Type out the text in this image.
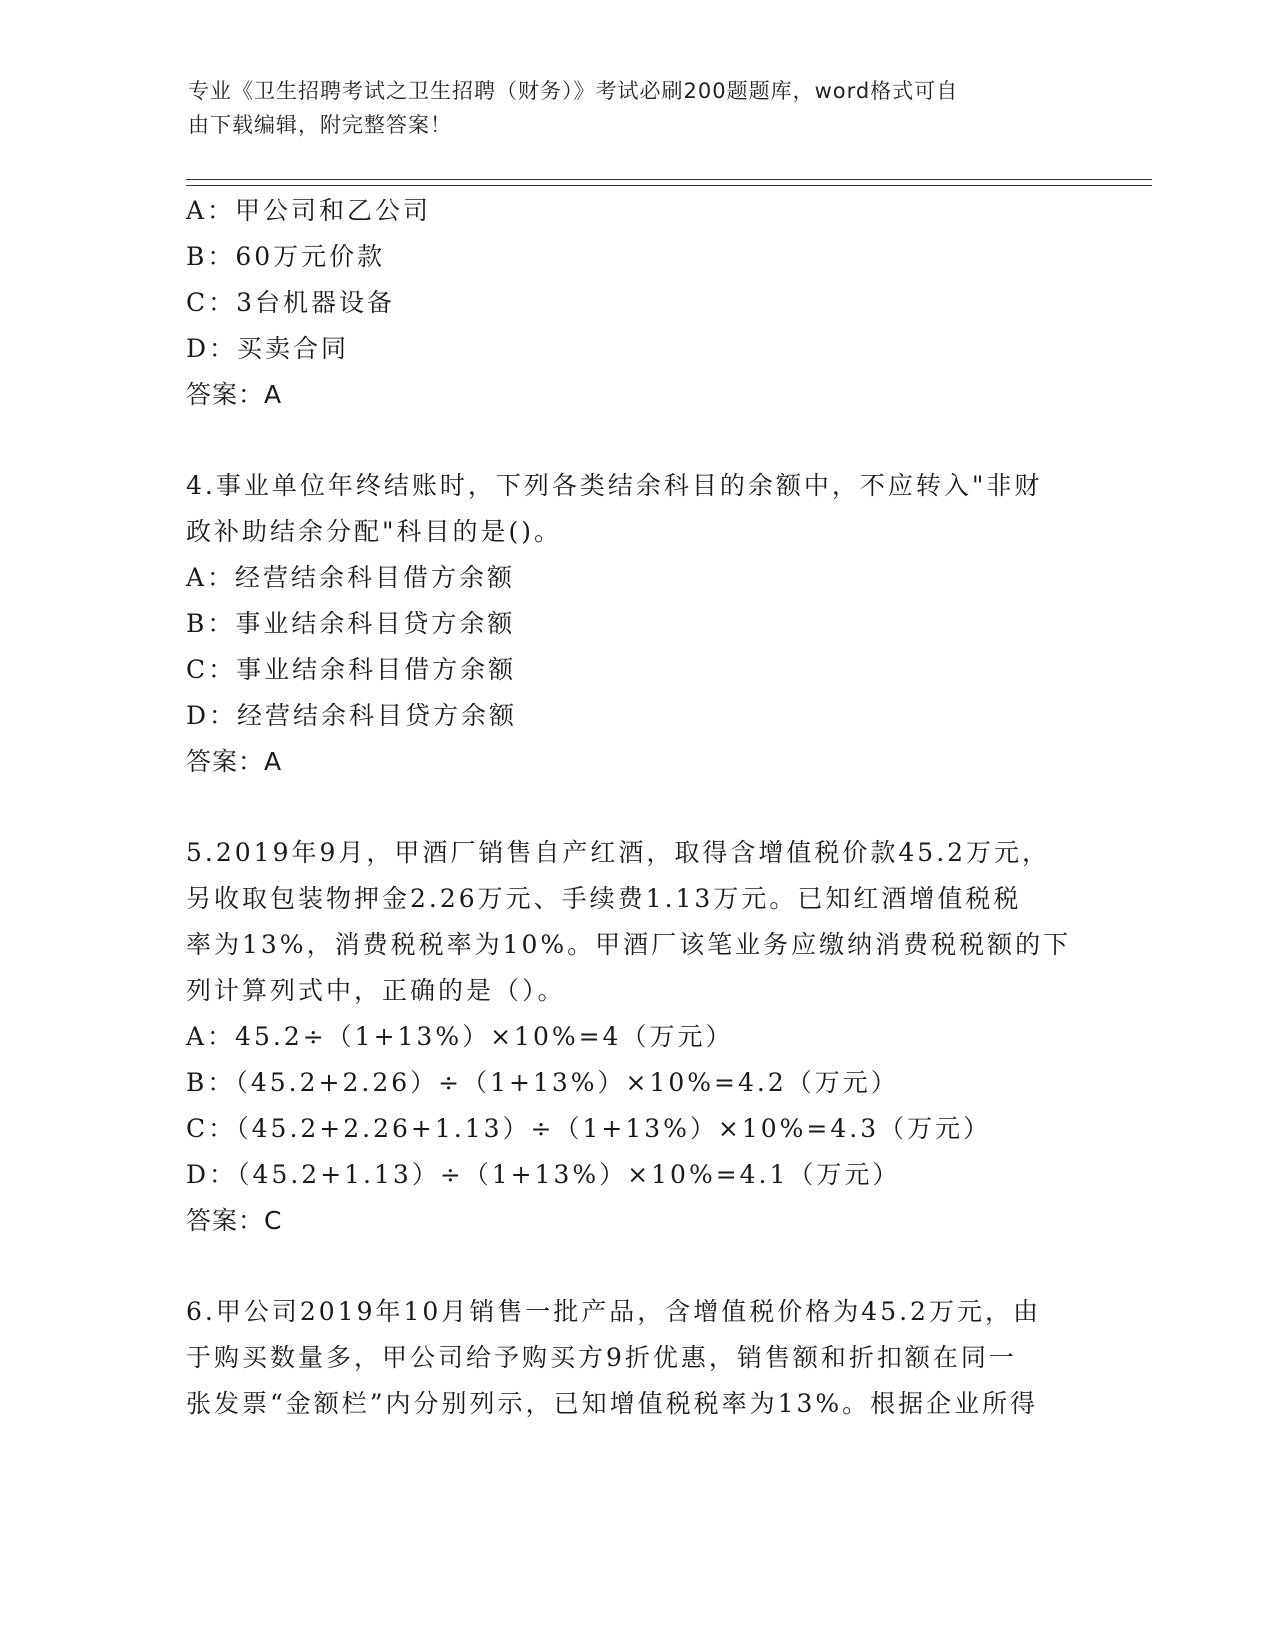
专业《卫生招聘考试之卫生招聘（财务）》考试必刷200题题库，word格式可自
由下载编辑，附完整答案！
A：甲公司和乙公司
B：60万元价款
C：3台机器设备
D：买卖合同
答案：A
4.事业单位年终结账时，下列各类结余科目的余额中，不应转入"非财
政补助结余分配"科目的是()。
A：经营结余科目借方余额
B：事业结余科目贷方余额
C：事业结余科目借方余额
D：经营结余科目贷方余额
答案：A
5.2019年9月，甲酒厂销售自产红酒，取得含增值税价款45.2万元，
另收取包装物押金2.26万元、手续费1.13万元。已知红酒增值税税
率为13%，消费税税率为10%。甲酒厂该笔业务应缴纳消费税税额的下
列计算列式中，正确的是（）。
A：45.2÷（1+13%）×10%=4（万元）
B：（45.2+2.26）÷（1+13%）×10%=4.2（万元）
C：（45.2+2.26+1.13）÷（1+13%）×10%=4.3（万元）
D：（45.2+1.13）÷（1+13%）×10%=4.1（万元）
答案：C
6.甲公司2019年10月销售一批产品，含增值税价格为45.2万元，由
于购买数量多，甲公司给予购买方9折优惠，销售额和折扣额在同一
张发票“金额栏”内分别列示，已知增值税税率为13%。根据企业所得
